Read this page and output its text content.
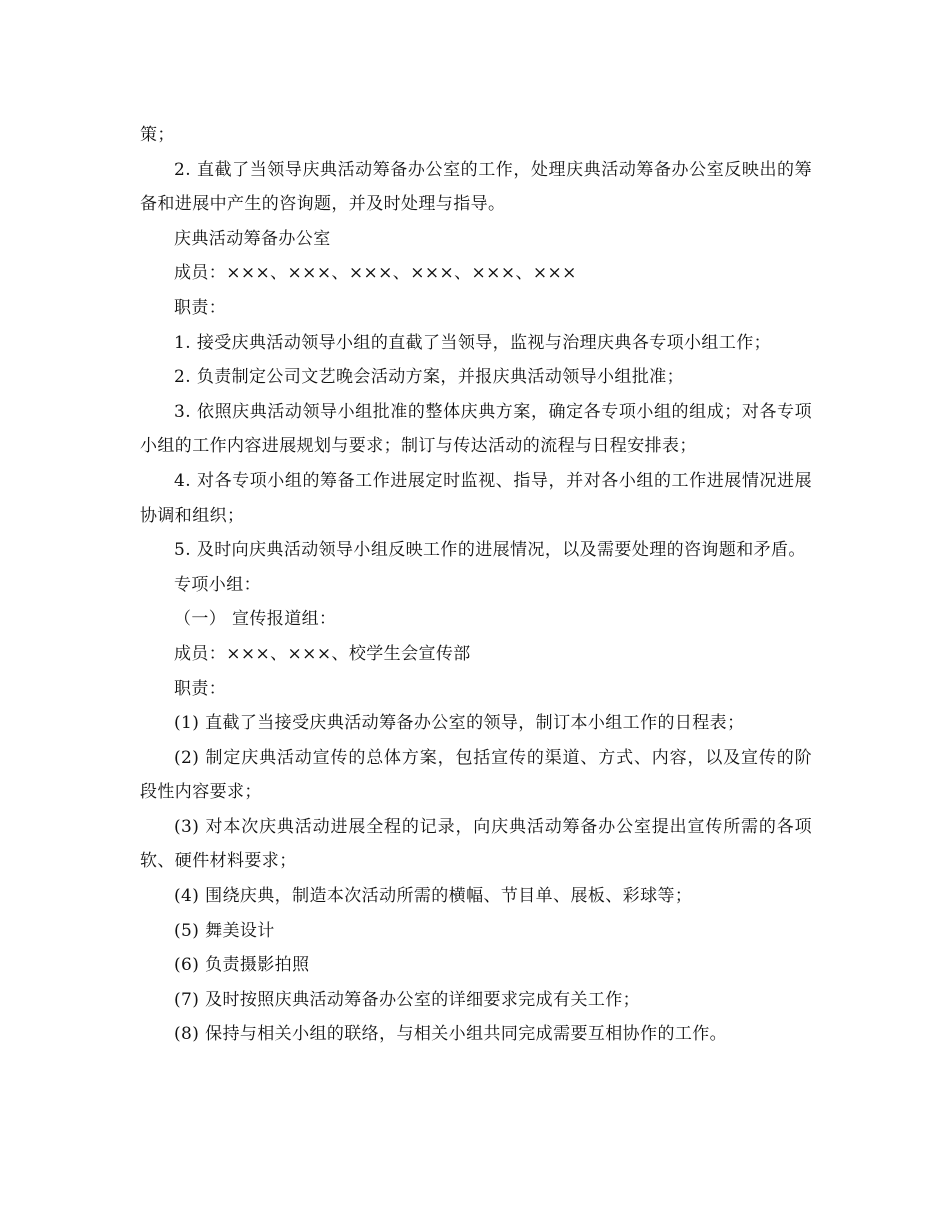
策；

2. 直截了当领导庆典活动筹备办公室的工作，处理庆典活动筹备办公室反映出的筹备和进展中产生的咨询题，并及时处理与指导。

庆典活动筹备办公室

成员：×××、×××、×××、×××、×××、×××

职责：

1. 接受庆典活动领导小组的直截了当领导，监视与治理庆典各专项小组工作；

2. 负责制定公司文艺晚会活动方案，并报庆典活动领导小组批准；

3. 依照庆典活动领导小组批准的整体庆典方案，确定各专项小组的组成；对各专项小组的工作内容进展规划与要求；制订与传达活动的流程与日程安排表；

4. 对各专项小组的筹备工作进展定时监视、指导，并对各小组的工作进展情况进展协调和组织；

5. 及时向庆典活动领导小组反映工作的进展情况，以及需要处理的咨询题和矛盾。

专项小组：

（一） 宣传报道组：

成员：×××、×××、校学生会宣传部

职责：

(1) 直截了当接受庆典活动筹备办公室的领导，制订本小组工作的日程表；

(2) 制定庆典活动宣传的总体方案，包括宣传的渠道、方式、内容，以及宣传的阶段性内容要求；

(3) 对本次庆典活动进展全程的记录，向庆典活动筹备办公室提出宣传所需的各项软、硬件材料要求；

(4) 围绕庆典，制造本次活动所需的横幅、节目单、展板、彩球等；

(5) 舞美设计

(6) 负责摄影拍照

(7) 及时按照庆典活动筹备办公室的详细要求完成有关工作；

(8) 保持与相关小组的联络，与相关小组共同完成需要互相协作的工作。
